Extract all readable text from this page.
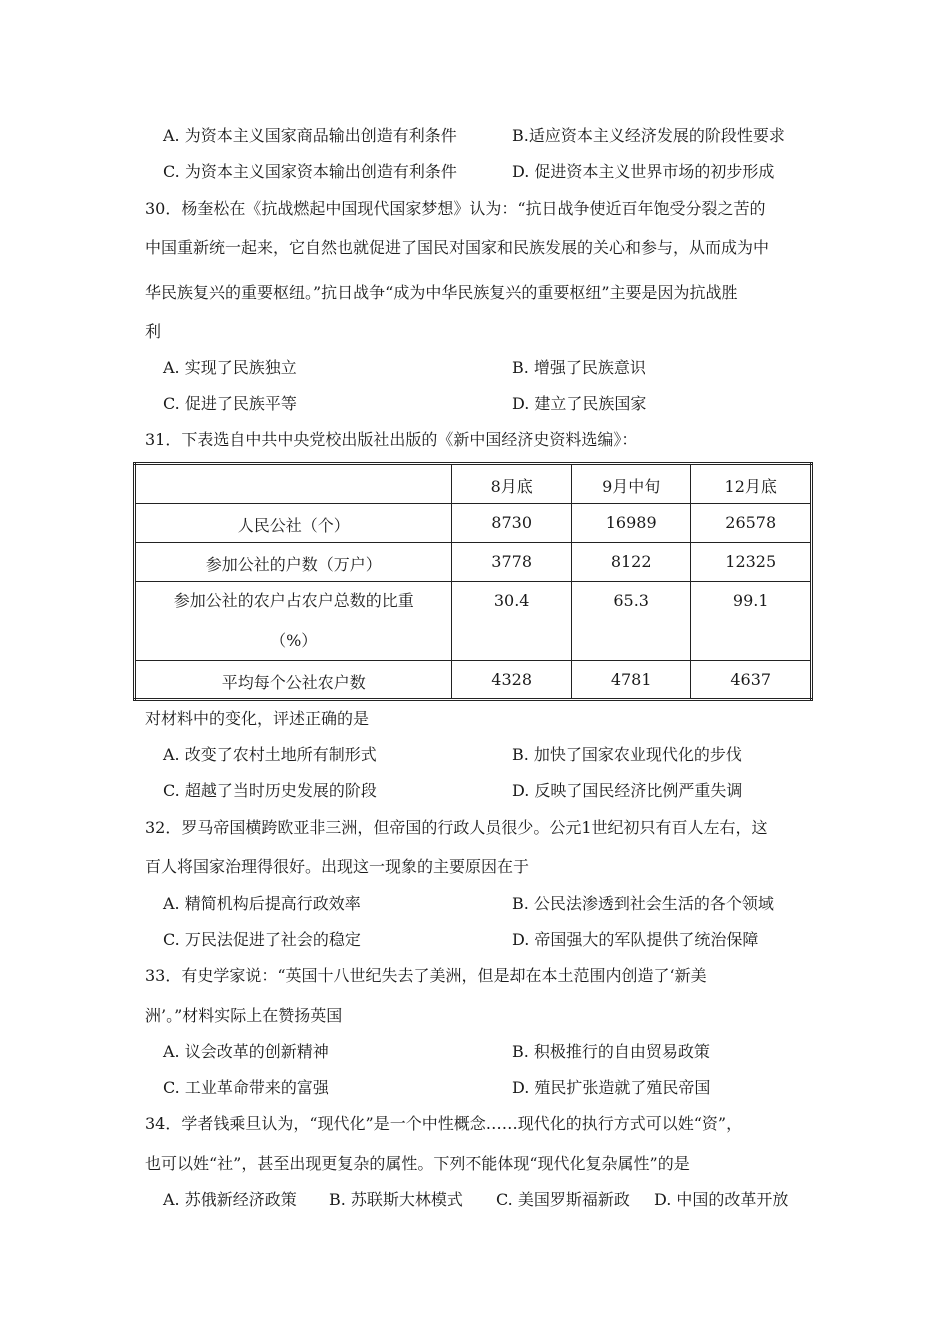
A. 为资本主义国家商品输出创造有利条件	B.适应资本主义经济发展的阶段性要求
C. 为资本主义国家资本输出创造有利条件	D. 促进资本主义世界市场的初步形成
30．杨奎松在《抗战燃起中国现代国家梦想》认为：“抗日战争使近百年饱受分裂之苦的
中国重新统一起来，它自然也就促进了国民对国家和民族发展的关心和参与，从而成为中
华民族复兴的重要枢纽。”抗日战争“成为中华民族复兴的重要枢纽”主要是因为抗战胜
利
A. 实现了民族独立	B. 增强了民族意识
C. 促进了民族平等	D. 建立了民族国家
31．下表选自中共中央党校出版社出版的《新中国经济史资料选编》：
	8月底	9月中旬	12月底
人民公社（个）	8730	16989	26578
参加公社的户数（万户）	3778	8122	12325

参加公社的农户占农户总数的比重
（%）	30.4	65.3	99.1
平均每个公社农户数	4328	4781	4637
对材料中的变化，评述正确的是
A. 改变了农村土地所有制形式	B. 加快了国家农业现代化的步伐
C. 超越了当时历史发展的阶段	D. 反映了国民经济比例严重失调
32．罗马帝国横跨欧亚非三洲，但帝国的行政人员很少。公元1世纪初只有百人左右，这
百人将国家治理得很好。出现这一现象的主要原因在于
A. 精简机构后提高行政效率	B. 公民法渗透到社会生活的各个领域
C. 万民法促进了社会的稳定	D. 帝国强大的军队提供了统治保障
33．有史学家说：“英国十八世纪失去了美洲，但是却在本土范围内创造了‘新美
洲’。”材料实际上在赞扬英国
A. 议会改革的创新精神	B. 积极推行的自由贸易政策
C. 工业革命带来的富强	D. 殖民扩张造就了殖民帝国
34．学者钱乘旦认为，“现代化”是一个中性概念……现代化的执行方式可以姓“资”，
也可以姓“社”，甚至出现更复杂的属性。下列不能体现“现代化复杂属性”的是
A. 苏俄新经济政策 B. 苏联斯大林模式 C. 美国罗斯福新政 D. 中国的改革开放
